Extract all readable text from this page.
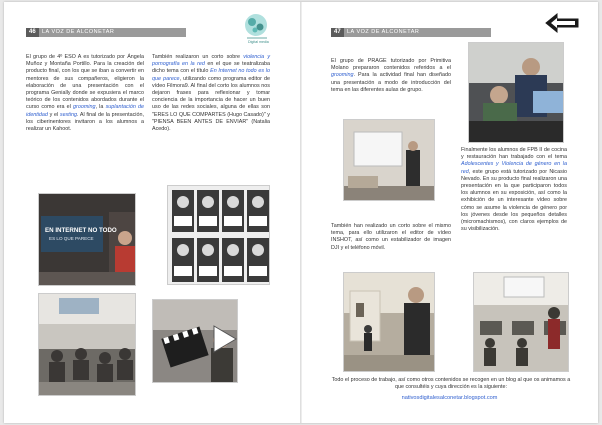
46	LA VOZ DE ALCONETAR
Digital media
El grupo de 4º ESO A es tutorizado por Ángela Muñoz y Montaña Portillo. Para la creación del producto final, con los que se iban a convertir en mentores de sus compañeros, eligieron la elaboración de una presentación con el programa Genially donde se expusiera el marco teórico de los contenidos abordados durante el curso como era el grooming, la suplantación de identidad y el sexting. Al final de la presentación, los ciberinentores invitaron a los alumnos a realizar un Kahoot.
También realizaron un corto sobre violencia y pornografía en la red en el que se teatralizaba dicho tema con el título En Internet no todo es lo que parece, utilizando como programa editor de vídeo Filmora9. Al final del corto los alumnos nos dejaron frases para reflexionar y tomar conciencia de la importancia de hacer un buen uso de las redes sociales, alguna de ellas son "ERES LO QUE COMPARTES (Hugo Casado)" y "PIENSA BEEN ANTES DE ENVIAR" (Natalia Acedo).
EN INTERNET NO TODO
ES LO QUE PARECE
47	LA VOZ DE ALCONETAR
El grupo de PRAGE tutorizado por Primitiva Molano prepararon contenidos referidos a el grooming. Para la actividad final han diseñado una presentación a modo de introducción del tema en las diferentes aulas de grupo.
Finalmente los alumnos de FPB II de cocina y restauración han trabajado con el tema Adolescentes y Violencia de género en la red, este grupo está tutorizado por Nicasio Nevado. En su producto final realizaron una presentación en la que participaron todos los alumnos en su exposición, así como la exhibición de un interesante vídeo sobre cómo se asume la violencia de género por los jóvenes desde los pequeños detalles (micromachismos), con claros ejemplos de su visibilización.
También han realizado un corto sobre el mismo tema, para ello utilizaron el editor de vídeo INSHOT, así como un estabilizador de imagen DJI y el teléfono móvil.
Todo el proceso de trabajo, así como otros contenidos se recogen en un blog al que os animamos a que consultéis y cuya dirección es la siguiente:
nativosdigitalesalconetar.blogspot.com
